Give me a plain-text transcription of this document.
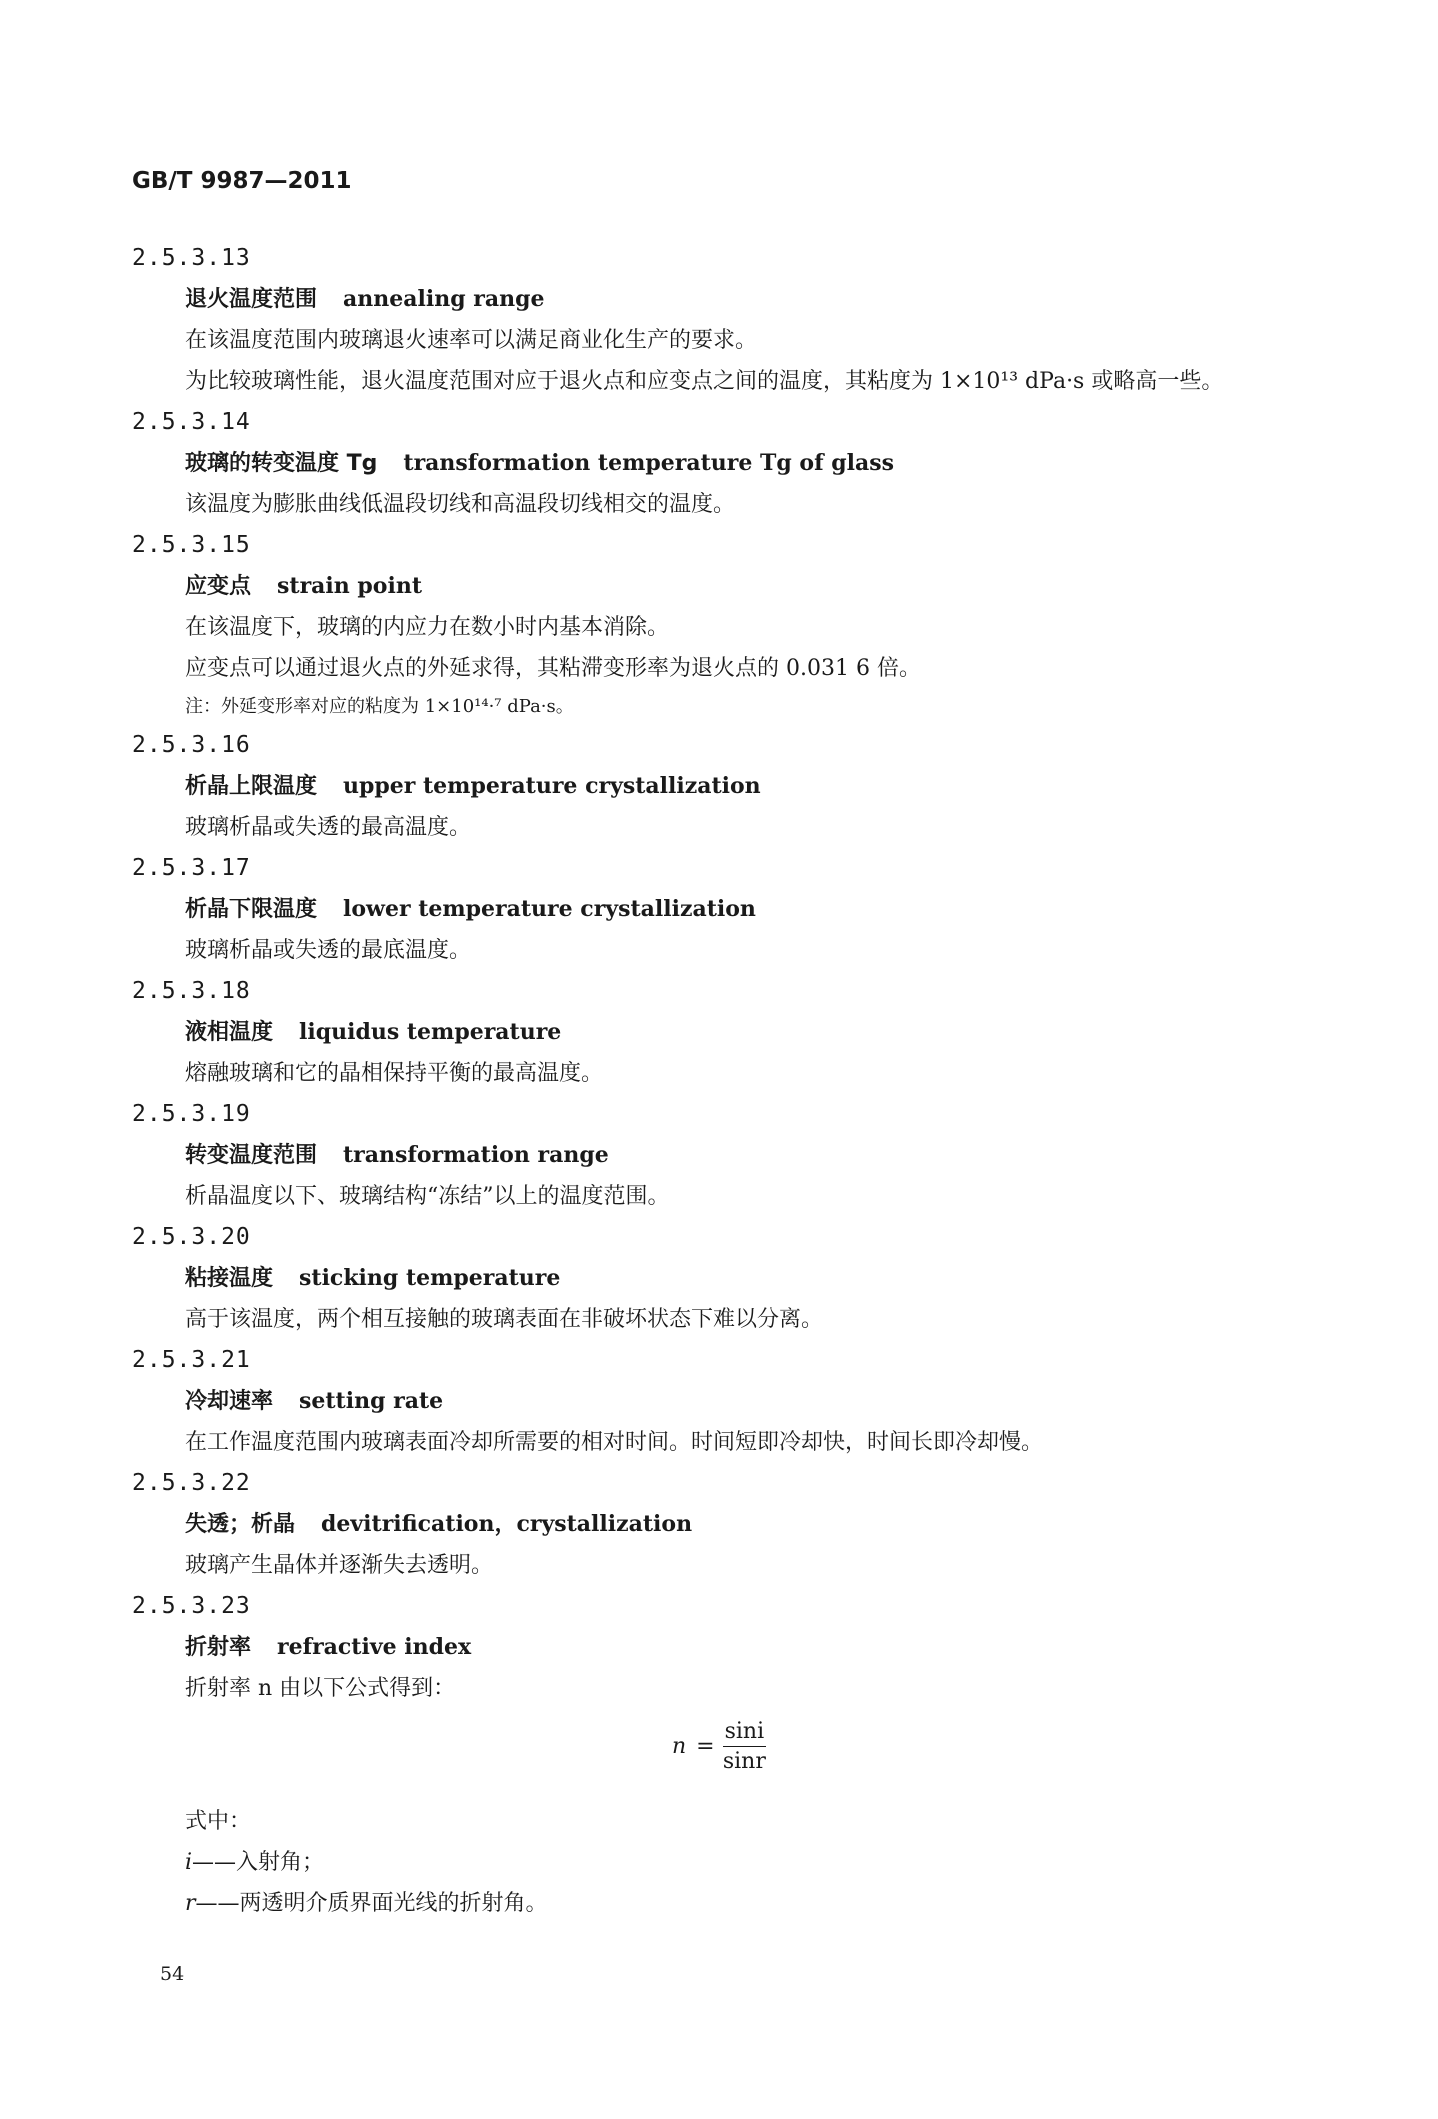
GB/T 9987—2011
2.5.3.13
退火温度范围 annealing range
在该温度范围内玻璃退火速率可以满足商业化生产的要求。
为比较玻璃性能，退火温度范围对应于退火点和应变点之间的温度，其粘度为 1×10¹³ dPa·s 或略高一些。
2.5.3.14
玻璃的转变温度 Tg transformation temperature Tg of glass
该温度为膨胀曲线低温段切线和高温段切线相交的温度。
2.5.3.15
应变点 strain point
在该温度下，玻璃的内应力在数小时内基本消除。
应变点可以通过退火点的外延求得，其粘滞变形率为退火点的 0.031 6 倍。
注：外延变形率对应的粘度为 1×10¹⁴·⁷ dPa·s。
2.5.3.16
析晶上限温度 upper temperature crystallization
玻璃析晶或失透的最高温度。
2.5.3.17
析晶下限温度 lower temperature crystallization
玻璃析晶或失透的最底温度。
2.5.3.18
液相温度 liquidus temperature
熔融玻璃和它的晶相保持平衡的最高温度。
2.5.3.19
转变温度范围 transformation range
析晶温度以下、玻璃结构“冻结”以上的温度范围。
2.5.3.20
粘接温度 sticking temperature
高于该温度，两个相互接触的玻璃表面在非破坏状态下难以分离。
2.5.3.21
冷却速率 setting rate
在工作温度范围内玻璃表面冷却所需要的相对时间。时间短即冷却快，时间长即冷却慢。
2.5.3.22
失透；析晶 devitrification，crystallization
玻璃产生晶体并逐渐失去透明。
2.5.3.23
折射率 refractive index
折射率 n 由以下公式得到：
$n = \frac{\sin i}{\sin r}$
式中：
i——入射角；
r——两透明介质界面光线的折射角。
54
